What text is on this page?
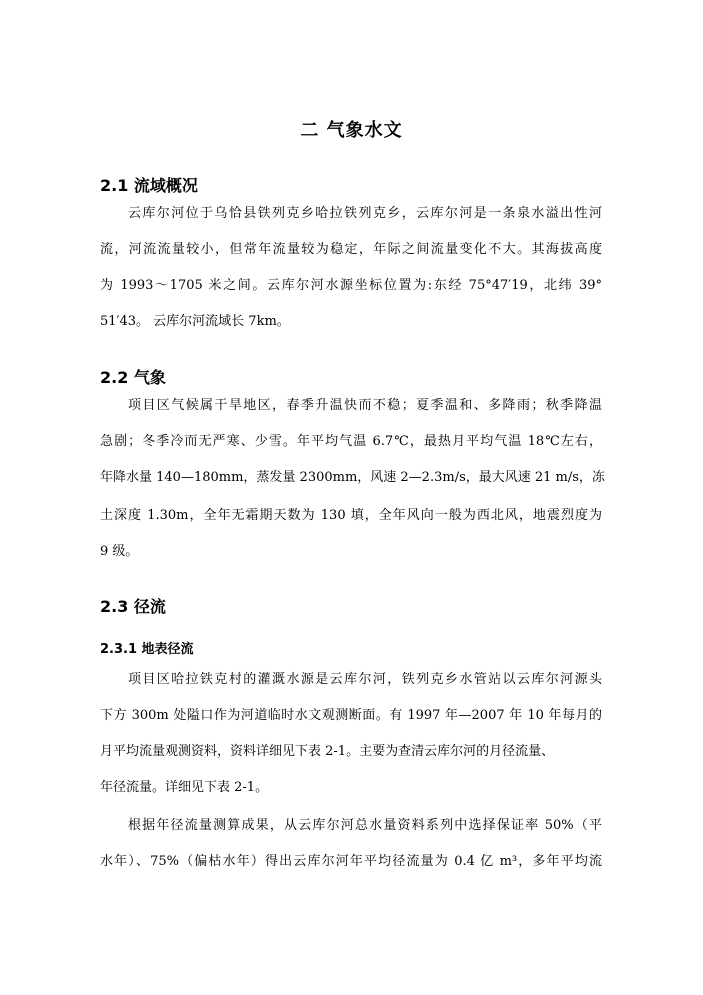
二 气象水文
2.1 流域概况
云库尔河位于乌恰县铁列克乡哈拉铁列克乡，云库尔河是一条泉水溢出性河
流，河流流量较小，但常年流量较为稳定，年际之间流量变化不大。其海拔高度
为 1993～1705 米之间。云库尔河水源坐标位置为:东经 75°47′19，北纬 39°
51′43。 云库尔河流域长 7km。
2.2 气象
项目区气候属干旱地区，春季升温快而不稳；夏季温和、多降雨；秋季降温
急剧；冬季冷而无严寒、少雪。年平均气温 6.7℃，最热月平均气温 18℃左右，
年降水量 140—180mm，蒸发量 2300mm，风速 2—2.3m/s，最大风速 21 m/s，冻
土深度 1.30m，全年无霜期天数为 130 填，全年风向一般为西北风，地震烈度为
9 级。
2.3 径流
2.3.1 地表径流
项目区哈拉铁克村的灌溉水源是云库尔河，铁列克乡水管站以云库尔河源头
下方 300m 处隘口作为河道临时水文观测断面。有 1997 年—2007 年 10 年每月的
月平均流量观测资料，资料详细见下表 2-1。主要为查清云库尔河的月径流量、
年径流量。详细见下表 2-1。
根据年径流量测算成果，从云库尔河总水量资料系列中选择保证率 50%（平
水年）、75%（偏枯水年）得出云库尔河年平均径流量为 0.4 亿 m³，多年平均流
